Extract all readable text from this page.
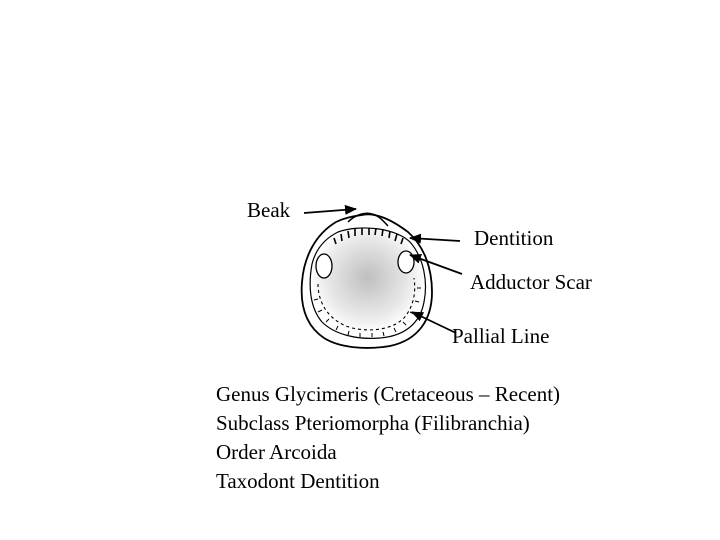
Beak
Dentition
Adductor Scar
Pallial Line
Genus Glycimeris (Cretaceous – Recent)
Subclass Pteriomorpha (Filibranchia)
Order Arcoida
Taxodont Dentition
